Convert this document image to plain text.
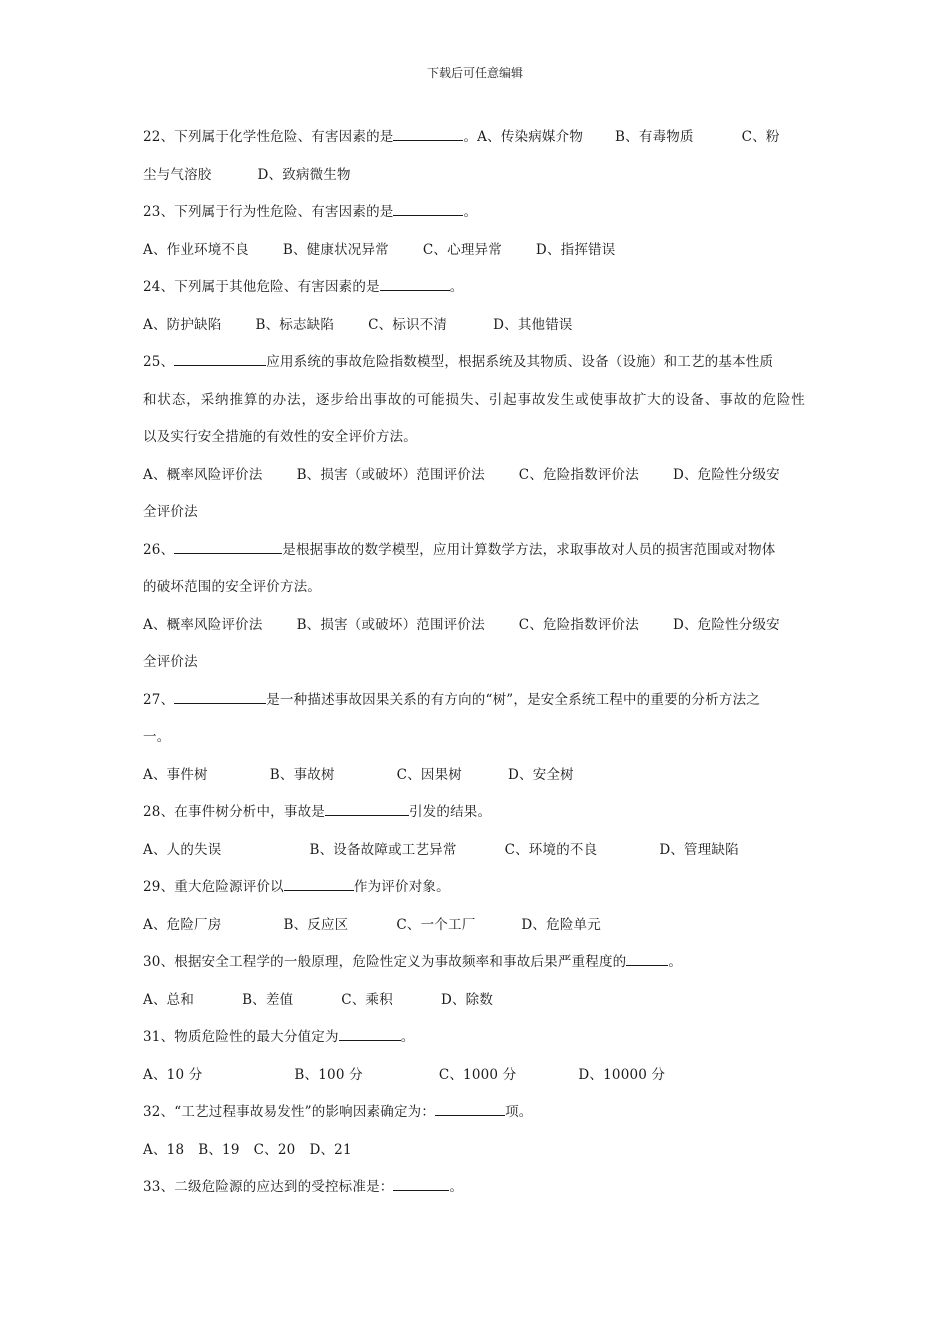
下载后可任意编辑
22、下列属于化学性危险、有害因素的是	。A、传染病媒介物 B、有毒物质	C、粉
尘与气溶胶	D、致病微生物
23、下列属于行为性危险、有害因素的是	。
A、作业环境不良	B、健康状况异常	C、心理异常	D、指挥错误
24、下列属于其他危险、有害因素的是	。
A、防护缺陷	B、标志缺陷	C、标识不清	D、其他错误
25、	应用系统的事故危险指数模型，根据系统及其物质、设备（设施）和工艺的基本性质
和状态，采纳推算的办法，逐步给出事故的可能损失、引起事故发生或使事故扩大的设备、事故的危险性
以及实行安全措施的有效性的安全评价方法。
A、概率风险评价法	B、损害（或破坏）范围评价法	C、危险指数评价法	D、危险性分级安
全评价法
26、	是根据事故的数学模型，应用计算数学方法，求取事故对人员的损害范围或对物体
的破坏范围的安全评价方法。
A、概率风险评价法	B、损害（或破坏）范围评价法	C、危险指数评价法	D、危险性分级安
全评价法
27、	是一种描述事故因果关系的有方向的“树”，是安全系统工程中的重要的分析方法之
一。
A、事件树	B、事故树	C、因果树	D、安全树
28、在事件树分析中，事故是	引发的结果。
A、人的失误	B、设备故障或工艺异常	C、环境的不良	D、管理缺陷
29、重大危险源评价以	作为评价对象。
A、危险厂房	B、反应区	C、一个工厂	D、危险单元
30、根据安全工程学的一般原理，危险性定义为事故频率和事故后果严重程度的	。
A、总和	B、差值	C、乘积	D、除数
31、物质危险性的最大分值定为	。
A、10 分	B、100 分	C、1000 分	D、10000 分
32、“工艺过程事故易发性”的影响因素确定为：	项。
A、18 B、19 C、20 D、21
33、二级危险源的应达到的受控标准是：	。
